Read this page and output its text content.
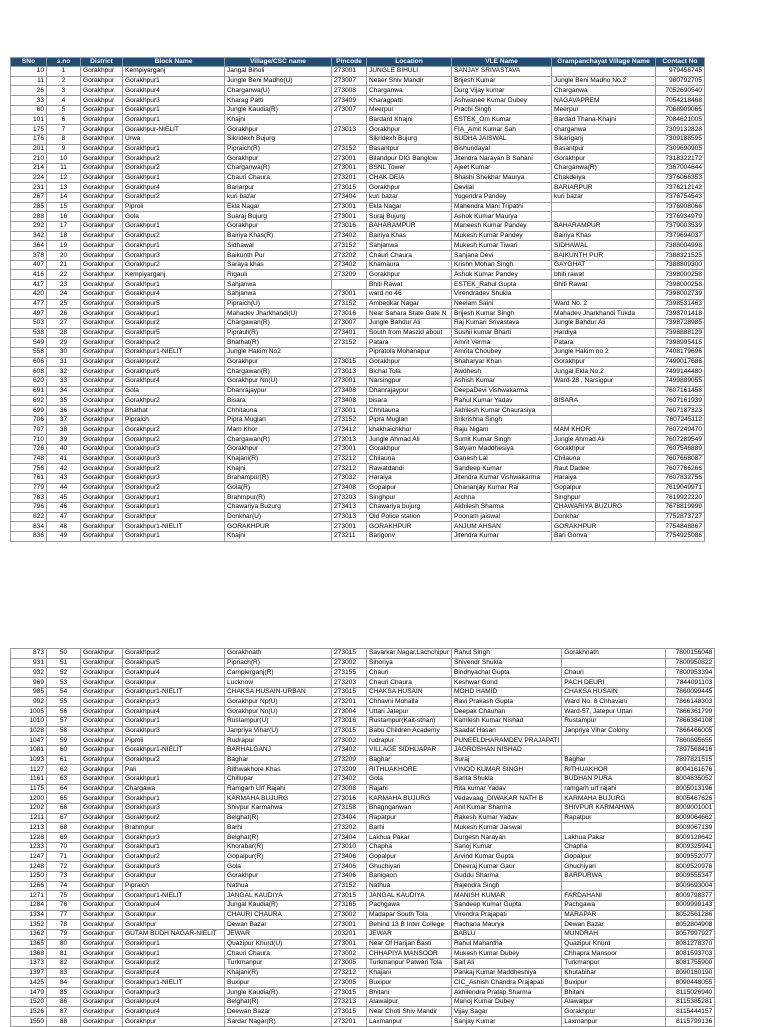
SNo	s.no	District	Block Name	Village/CSC name	Pincode	Location	VLE Name	Grampanchayat Village Name	Contact No
10	1	Gorakhpur	Kempiyarganj	Jangal Bihuli	273001	JUNGLE BIHULI	SANJAY SRIVASTAVA		979456745
11	2	Gorakhpur	Gorakhpur1	Jungle Beni Madho(U)	273007	Neaer Shiv Mandir	Brijesh Kumar	Jungle Beni Madho No.2	980792705
26	3	Gorakhpur	Gorakhpur4	Charganwa(U)	273008	Charganwa	Durg Vijay kumar	Charganwa	7052690540
33	4	Gorakhpur	Gorakhpur3	Kharag Patti	273409	Kharagpatti	Ashwanee Kumar Dubey	NAGAVAPREM	7054218468
60	5	Gorakhpur	Gorakhpur1	Jungle Kaudia(R)	273007	Meerpur	Prachi Singh	Meerpur	7068909066
101	6	Gorakhpur	Gorakhpur1	Khajni		Bardard Khajni	ESTEK_Om Kumar	Bardad Thana-Khajni	7084621005
175	7	Gorakhpur	Gorakhpur-NIELIT	Gorakhpur	273013	Gorakhpur	FIA_Amit Kumar Sah	charganwa	7309132828
176	8	Gorakhpur	Urwa	Sikridexh Bujurg		Sikridexh Bujurg	SUDHA JAISWAL	Sikariganj	7309188595
201	9	Gorakhpur	Gorakhpur1	Pipraich(R)	273152	Basantpur	Bishundayal	Basantpur	7309690905
210	10	Gorakhpur	Gorakhpur2	Gorakhpur	273001	Bilandpur DIG Banglow	Jitendra Narayan B Sahani	Gorakhpur	7318322172
214	11	Gorakhpur	Gorakhpur2	Charganwa(R)	273001	BSNL Tower	Ajeet Kumar	Charganwa(R)	7367004644
224	12	Gorakhpur	Gorakhpur1	Chauri Chaura	273201	CHAK DEIA	Shashi Shekhar Maurya	Chakdeiya	7376066353
231	13	Gorakhpur	Gorakhpur4	Bariarpur	273015	Gorakhpur	Devilal	BARIARPUR	7376212142
267	14	Gorakhpur	Gorakhpur2	kuri bazar	273404	kuri bazar	Yogendra Pandey	kuri bazar	7376754543
285	15	Gorakhpur	Piproli	Ekla Nagar	273001	Ekla Nagar	Mahendra Mani Tripathi		7376908066
288	16	Gorakhpur	Gola	Suaraj Bujurg	273001	Suraj Bujurg	Ashok Kumar Maurya		7376934979
292	17	Gorakhpur	Gorakhpur1	Gorakhpur	273016	BAHARAMPUR	Maneesh Kumar Pandey	BAHARAMPUR	7379003539
342	18	Gorakhpur	Gorakhpur2	Bairiya Khas(R)	273402	Bairiya Khas	Mukesh Kumar Pandey	Bairiya Khas	7379694037
364	19	Gorakhpur	Gorakhpur1	Sidhawal	273152	Sahjanwa	Mukesh Kumar Tiwari	SIDHAWAL	7388004998
378	20	Gorakhpur	Gorakhpur3	Baikunth Pur	273202	Chauri Chaura	Sanjana Devi	BAIKUNTH PUR	7388321525
407	21	Gorakhpur	Gorakhpur2	Saraya khas	273402	Khamaura	Krishn Mohan Singh	GAYGHAT	7388809300
416	22	Gorakhpur	Kempiyarganj	Rigauli	273209	Gorakhpur	Ashok Kumar Pandey	bhiti rawat	7398000258
417	23	Gorakhpur	Gorakhpur1	Sahjanwa		Bhiti Rawat	ESTEK_Rahul Gupta	Bhiti Rawat	7398000258
420	24	Gorakhpur	Gorakhpur4	Sahjanwa	273001	ward no 46	Virendradev Shukla		7398002739
477	25	Gorakhpur	Gorakhpur5	Pipraich(U)	273152	Ambedkar Nagar	Neelam Saini	Ward No. 2	7398531463
497	26	Gorakhpur	Gorakhpur1	Mahadev Jharkhandi(U)	273016	Near Sahara State Gate N	Brijesh Kumar Singh	Mahadev Jharkhandi Tukda	7398701418
503	27	Gorakhpur	Gorakhpur2	Chargawan(R)	273007	Jungle Bahdur Ali	Raj Kumari Srivastava	Jungle Bahdur Ali	7398728985
538	28	Gorakhpur	Gorakhpur5	Piprauli(R)	273401	South from Maszid about	Sushil kumar Bharti	Hardiya	7398888129
549	29	Gorakhpur	Gorakhpur2	Bhathat(R)	273152	Patara	Amrit Verma	Patara	7398995415
558	30	Gorakhpur	Gorakhpur1-NIELIT	Jungle Hakim No2		Pipratola Mohanapur	Amrita Choubey	Jungle Hakim no 2	7408179696
606	31	Gorakhpur	Gorakhpur2	Gorakhpur	273015	Gorakhpur	Shaharyar Khan	Gorakhpur	7499017686
608	32	Gorakhpur	Gorakhpur6	Chargawan(R)	273013	Bichal Tola	Awdhesh	Jungal Ekla No.2	7499144480
620	33	Gorakhpur	Gorakhpur4	Gorakhpur Nn(U)	273001	Narsingpur	Ashish Kumar	Ward-28 , Narsigpur	7499889055
691	34	Gorakhpur	Gola	Dhanrajaypur	273408	Dhanrajaypur	DeepaDevi Vishwakarma		7607161458
692	35	Gorakhpur	Gorakhpur2	Bisara	273408	bisara	Rahul Kumar Yadav	BISARA	7607161939
699	36	Gorakhpur	Bhathat	Chhitauna	273001	Chhitauna	Akhilesh Kumar Chaurasiya		7607187323
706	37	Gorakhpur	Pipraich	Pipra Muglan	273152	Pipra Muglan	Srikrishna Singh		7607245112
707	38	Gorakhpur	Gorakhpur2	Mam Khor	273412	khakhaichkhor	Raju Nigam	MAM KHOR	7607249470
710	39	Gorakhpur	Gorakhpur2	Chargawan(R)	273013	Jungle Ahmad Ali	Sumit Kumar Singh	Jungle Ahmad Ali	7607289549
726	40	Gorakhpur	Gorakhpur3	Gorakhpur	273001	Gorakhpur	Satyam Maddhesiya	Gorakhpur	7607546889
748	41	Gorakhpur	Gorakhpur3	Khajani(R)	273212	Chilauna	Ganesh Lal	Chilauna	7607668087
756	42	Gorakhpur	Gorakhpur2	Khajni	273212	Rawatdandi	Sandeep Kumar	Raut Dadee	7607766266
761	43	Gorakhpur	Gorakhpur3	Brahampur(R)	273032	Haraiya	Jitendra Kumar Vishwakarma	Haraiya	7607832756
779	44	Gorakhpur	Gorakhpur2	Gola(R)	273408	Gopalpur	Dhananjay Kumar Rai	Gopalpur	7619049971
783	45	Gorakhpur	Gorakhpur1	Brahmpur(R)	273203	Singhpur	Archna	Singhpur	7619922220
796	46	Gorakhpur	Gorakhpur1	Chawariya Buzurg	273413	Chawariya bujurg	Akhilesh Sharma	CHAWARIYA BUZURG	7678819999
822	47	Gorakhpur	Gorakhpur	Donkhar(U)	273013	Old Police station	Poonam jaiswal	Donkhar	7752873727
834	48	Gorakhpur	Gorakhpur1-NIELIT	GORAKHPUR	273001	GORAKHPUR	ANJUM AHSAN	GORAKHPUR	7754848867
836	49	Gorakhpur	Gorakhpur1	Khajni	273211	Barigonv	Jitendra Kumar	Bari Gonva	7754925086
873	50	Gorakhpur	Gorakhpur2	Gorakhnath	273015	Savarkar Nagar,Lachchipur	Rahul Singh	Gorakhnath	7800156048
931	51	Gorakhpur	Gorakhpur5	Pipriach(R)	273002	Sihoriya	Shivendr Shukla		7800950822
932	52	Gorakhpur	Gorakhpur4	Campierganj(R)	273155	Chauri	Bindhyachal Gupta	Chauri	7800953394
969	53	Gorakhpur	Gorakhpur	Lucknow	273203	Chauri Chaura	Keshwar Gond	PACH DEURI	7844091103
985	54	Gorakhpur	Gorakhpur1-NIELIT	CHAKSA HUSAIN-URBAN	273015	CHAKSA HUSAIN	MOHD HAMID	CHAKSA HUSAIN	7860099445
992	55	Gorakhpur	Gorakhpur3	Gorakhpur Np(U)	273201	Chhavni Mohalla	Ravi Prakash Gupta	Ward No. 8 Chhavani	7866148303
1005	56	Gorakhpur	Gorakhpur4	Gorakhpur Nn(U)	273004	Uttari Jatepur	Deepak Chauhan	Ward-57, Jatepur Uttari	7866361799
1010	57	Gorakhpur	Gorakhpur1	Rustampur(U)	273016	Rustampur(Kait-sthan)	Kamlesh Kumar Nishad	Rustampur	7866384108
1028	58	Gorakhpur	Gorakhpur3	Janpriya Vihar(U)	273015	Babu Children Academy	Saadat Hasan	Janpriya Vihar Colony	7866466005
1047	59	Gorakhpur	Piproli	Rudrapur	273002	rudrapur	PUNEELDHARAMDEV PRAJAPATI		7860895655
1081	60	Gorakhpur	Gorakhpur1-NIELIT	BARHALGANJ	273402	VILLAGE SIDHUAPAR	JAGROSHAN NISHAD		7897568416
1093	61	Gorakhpur	Gorakhpur2	Baghar	273209	Baghar	Suraj	Baghar	7897821515
1127	62	Gorakhpur	Pali	Rithwakhore Khas	273209	RITHUAKHORE	VINOD KUMAR SINGH	RITHUAKHOR	8004161676
1161	63	Gorakhpur	Gorakhpur1	Chillupar	273402	Gola	Sarita Shukla	BUDHAN PURA	8004835052
1175	64	Gorakhpur	Chargawa	Ramgarh Urf Rajahi	273008	Rajahi	Rita kumar Yadav	ramgarh urf rajahi	8005013196
1200	65	Gorakhpur	Gorakhpur1	KARMAHA BUJURG	273016	KARMAHA BUJURG	Vedavaag_DIWAKAR NATH B	KARMAHA BUJURG	8005467626
1202	66	Gorakhpur	Gorakhpur3	Shivpur Karmahwa	273158	Bhagnganwan	Anil Kumar Sharma	SHIVPUR KARMAHWA	8009001001
1211	67	Gorakhpur	Gorakhpur2	Belghat(R)	273404	Rapatpur	Rakesh Kumar Yadav	Rapatpur	8009064662
1213	68	Gorakhpur	Brahmpur	Barhi	273202	Barhi	Mukesh Kumar Jaiswal		8009067139
1228	69	Gorakhpur	Gorakhpur3	Belghat(R)	273404	Lakhua Pakar	Durgesh Narayan	Lakhua Pakar	8009128642
1233	70	Gorakhpur	Gorakhpur1	Khorabar(R)	273010	Chapha	Sanoj Kumar	Chapha	8009325941
1247	71	Gorakhpur	Gorakhpur2	Gopalpur(R)	273406	Gopalpur	Arvind Kumar Gupta	Gopalpur	8009552077
1248	72	Gorakhpur	Gorakhpur3	Gola	273406	Ghuchiyari	Dheeraj Kumar Gaur	Ghuchiyari	8009520976
1250	73	Gorakhpur	Gorakhpur	Gorakhpur	273406	Banigaon	Guddu Sharma	BARPURWA	8009555347
1266	74	Gorakhpur	Pipraich	Nathua	273152	Nathua	Rajendra Singh		8009693004
1271	75	Gorakhpur	Gorakhpur1-NIELIT	JANGAL KAUDIYA	273015	JANGAL KAUDIYA	MANISH KUMAR	FARDAHANI	8009798377
1284	76	Gorakhpur	Gorakhpur4	Jungal Kaudia(R)	273165	Pachgawa	Sandeep Kumar Gupta	Pachgawa	8009999143
1334	77	Gorakhpur	Gorakhpur	CHAURI CHAURA	273002	Madapar South Tola	Virendra Prajapati	MARAPAR	8052561286
1352	78	Gorakhpur	Gorakhpur	Dewan Bazar	273001	Behind 13 B Inter College	Rachana Maurya	Dewan Bazar	8052804908
1362	79	Gorakhpur	GUTAM BUDH NAGAR-NIELIT	JEWAR	203201	JEWAR	BABLU	MUNDRAH	8057997927
1365	80	Gorakhpur	Gorakhpur1	Quazipur Khurd(U)	273001	Near Of Harijan Basti	Rahul Mahantha	Quazipur Khurd	8081278370
1368	81	Gorakhpur	Gorakhpur1	Chauri Chaura	273002	CHHAPIYA MANSOOR	Mukesh Kumar Dubey	Chhapra Mansoor	8081593703
1373	82	Gorakhpur	Gorakhpur2	Turkmanpur	273005	Turkmanpur Patwari Tola	Saif Ali	Turkmanpur	8081755900
1397	83	Gorakhpur	Gorakhpur4	Khajani(R)	273212	Khajani	Pankaj Kumar Maddheshiya	Khutabihar	8090180190
1425	84	Gorakhpur	Gorakhpur1-NIELIT	Buxipur	273005	Buxipur	CIC_Ashish Chandra Prajapati	Buxipur	8090448055
1479	85	Gorakhpur	Gorakhpur3	Jungle Kaudia(R)	273015	Bhitani	Akhilendra Pratap Sharma	Bhitani	8115026940
1520	86	Gorakhpur	Gorakhpur4	Belghat(R)	273213	Alawalpur	Manoj Kumar Dubey	Alawalpur	8115385281
1526	87	Gorakhpur	Gorakhpur4	Deewan Bazar	273015	Near Choti Shiv Mandir	Vijay Sagar	Gorakhpur	8115444157
1550	88	Gorakhpur	Gorakhpur	Sardar Nagar(R)	273201	Laxmanpur	Sanjay Kumar	Laxmanpur	8115799136
